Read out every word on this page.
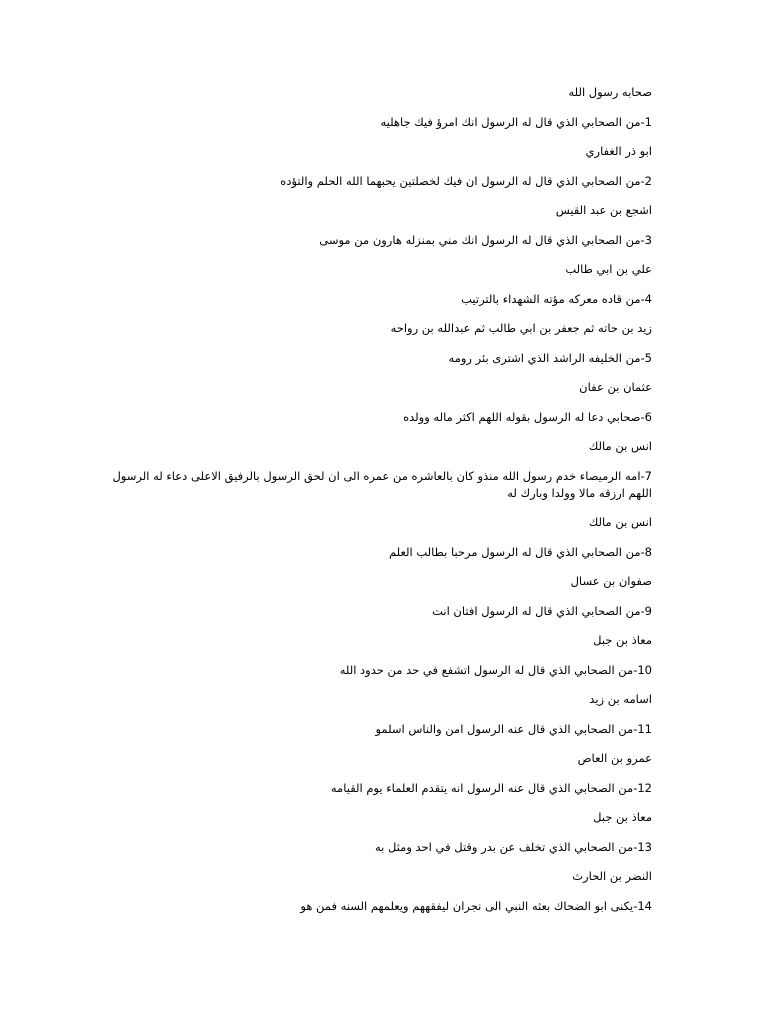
صحابه رسول الله
1-من الصحابي الذي قال له الرسول انك امرؤ فيك جاهليه
ابو ذر الغفاري
2-من الصحابي الذي قال له الرسول ان فيك لخصلتين يحبهما الله الحلم والتؤده
اشجع بن عبد القيس
3-من الصحابي الذي قال له الرسول انك مني بمنزله هارون من موسى
علي بن ابي طالب
4-من قاده معركه مؤته الشهداء بالترتيب
زيد بن حاته ثم جعفر بن ابي طالب ثم عبدالله بن رواحه
5-من الخليفه الراشد الذي اشترى بئر رومه
عثمان بن عفان
6-صحابي دعا له الرسول بقوله اللهم اكثر ماله وولده
انس بن مالك
7-امه الرميصاء خدم رسول الله منذو كان بالعاشره من عمره الى ان لحق الرسول بالرفيق الاعلى دعاء له الرسول اللهم ارزقه مالا وولدا وبارك له
انس بن مالك
8-من الصحابي الذي قال له الرسول مرحبا بطالب العلم
صفوان بن عسال
9-من الصحابي الذي قال له الرسول افتان انت
معاذ بن جبل
10-من الصحابي الذي قال له الرسول اتشفع في حد من حدود الله
اسامه بن زيد
11-من الصحابي الذي قال عنه الرسول امن والناس اسلمو
عمرو بن العاص
12-من الصحابي الذي قال عنه الرسول انه يتقدم العلماء يوم القيامه
معاذ بن جبل
13-من الصحابي الذي تخلف عن بدر وقتل في احد ومثل به
النضر بن الحارث
14-يكنى ابو الضحاك بعثه النبي الى نجران ليفقههم ويعلمهم السنه فمن هو
